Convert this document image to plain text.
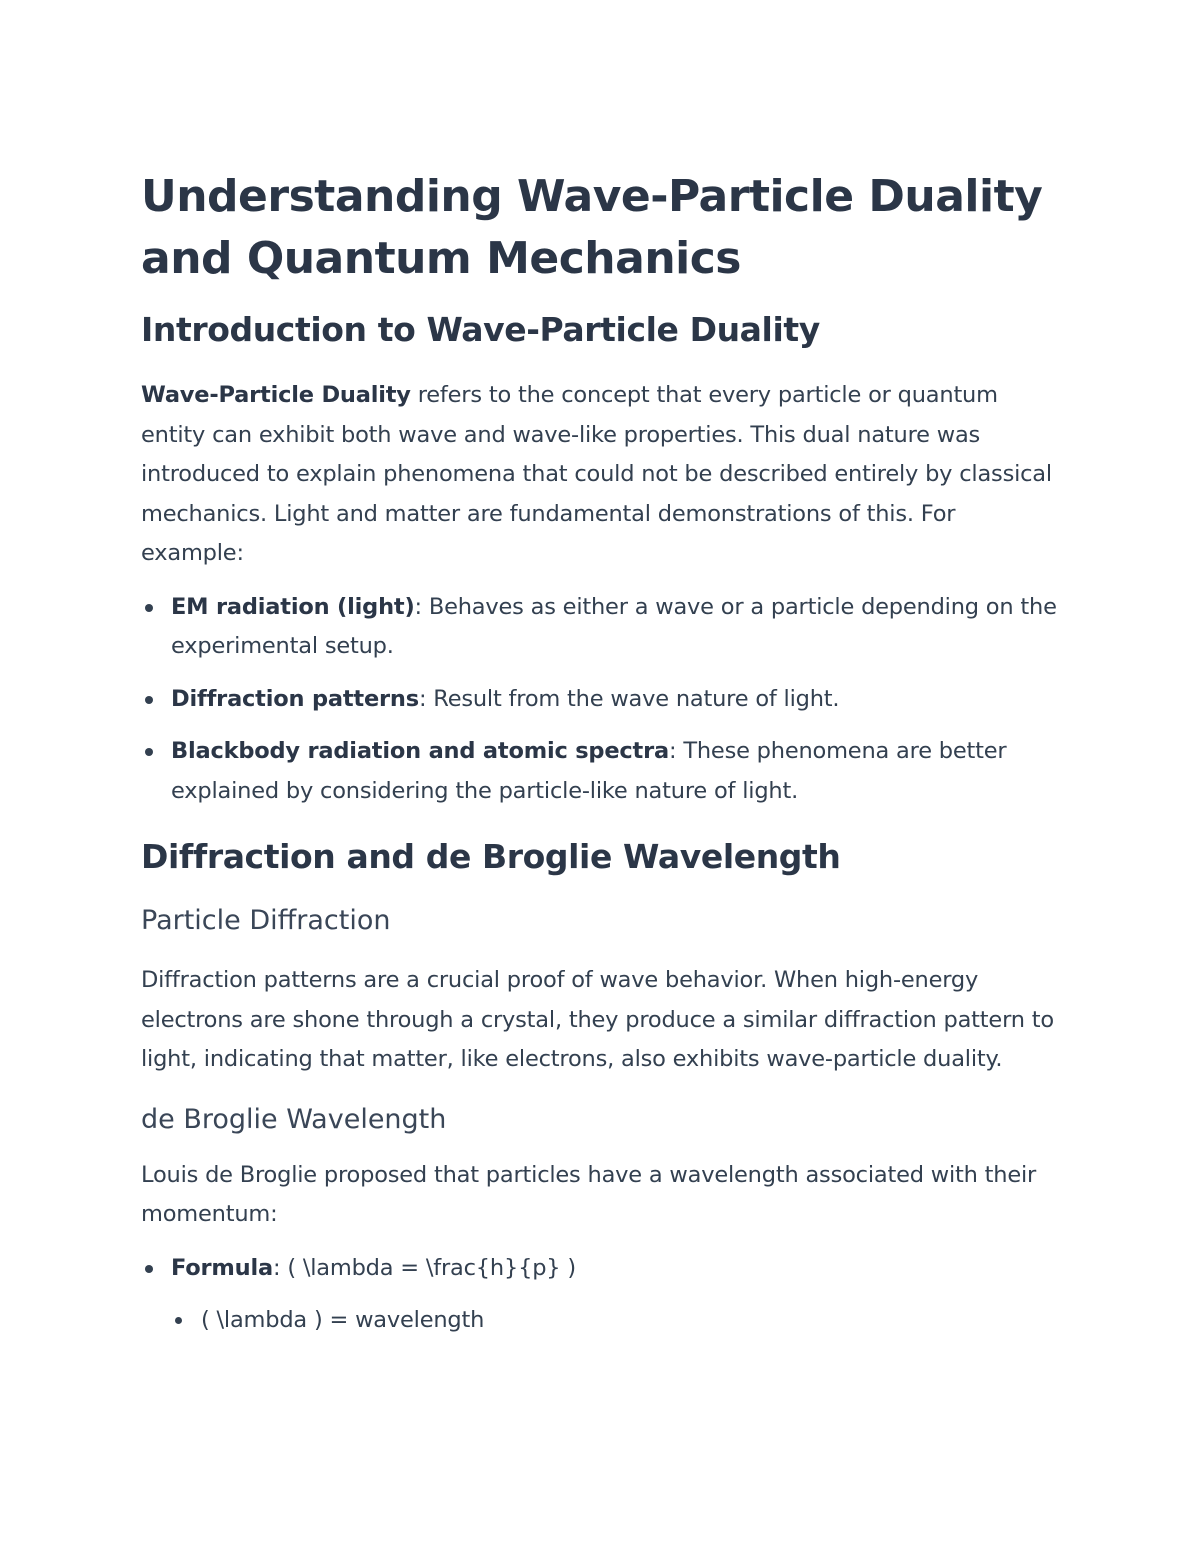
Understanding Wave-Particle Duality and Quantum Mechanics
Introduction to Wave-Particle Duality

Wave-Particle Duality refers to the concept that every particle or quantum entity can exhibit both wave and wave-like properties. This dual nature was introduced to explain phenomena that could not be described entirely by classical mechanics. Light and matter are fundamental demonstrations of this. For example:

EM radiation (light): Behaves as either a wave or a particle depending on the experimental setup.
Diffraction patterns: Result from the wave nature of light.
Blackbody radiation and atomic spectra: These phenomena are better explained by considering the particle-like nature of light.
Diffraction and de Broglie Wavelength
Particle Diffraction

Diffraction patterns are a crucial proof of wave behavior. When high-energy electrons are shone through a crystal, they produce a similar diffraction pattern to light, indicating that matter, like electrons, also exhibits wave-particle duality.

de Broglie Wavelength

Louis de Broglie proposed that particles have a wavelength associated with their momentum:

Formula: ( \lambda = \frac{h}{p} )
( \lambda ) = wavelength
